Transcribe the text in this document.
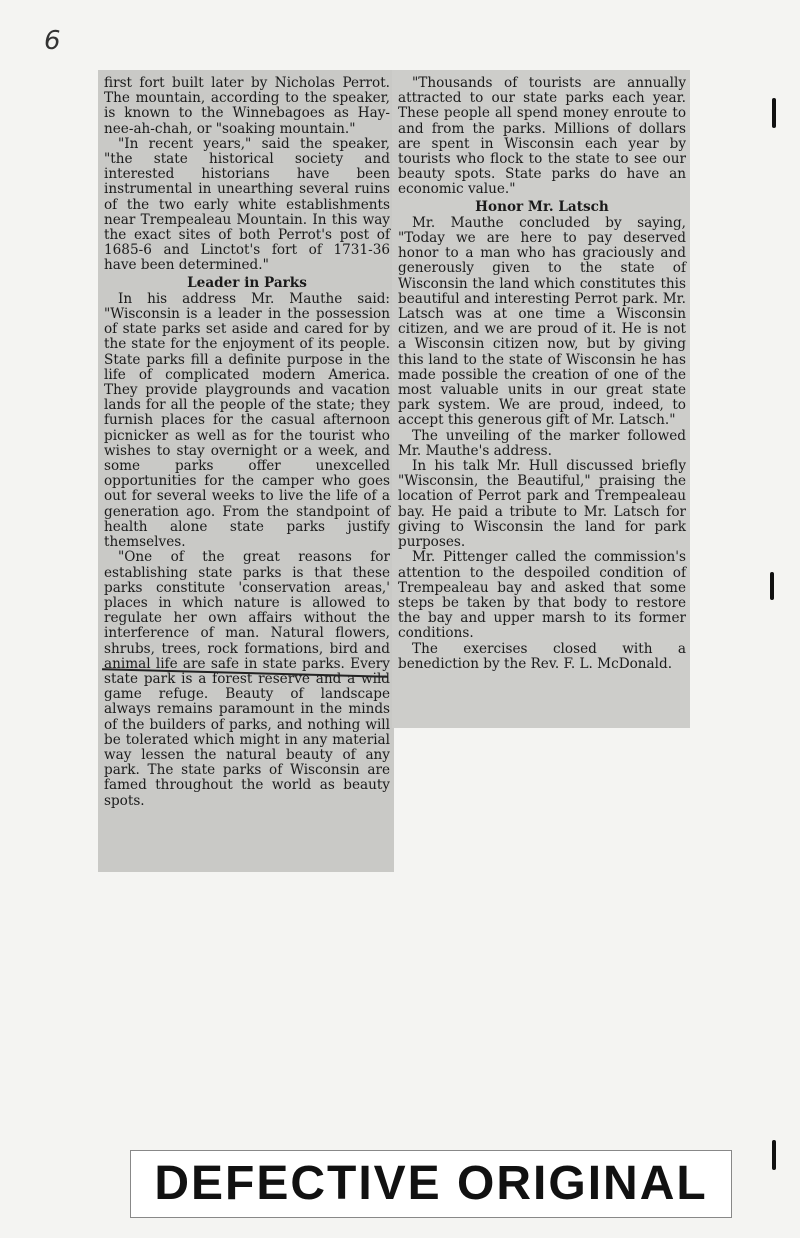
6

first fort built later by Nicholas Perrot. The mountain, according to the speaker, is known to the Winnebagoes as Hay-nee-ah-chah, or "soaking mountain."

"In recent years," said the speaker, "the state historical society and interested historians have been instrumental in unearthing several ruins of the two early white establishments near Trempealeau Mountain. In this way the exact sites of both Perrot's post of 1685-6 and Linctot's fort of 1731-36 have been determined."

Leader in Parks

In his address Mr. Mauthe said: "Wisconsin is a leader in the possession of state parks set aside and cared for by the state for the enjoyment of its people. State parks fill a definite purpose in the life of complicated modern America. They provide playgrounds and vacation lands for all the people of the state; they furnish places for the casual afternoon picnicker as well as for the tourist who wishes to stay overnight or a week, and some parks offer unexcelled opportunities for the camper who goes out for several weeks to live the life of a generation ago. From the standpoint of health alone state parks justify themselves.

"One of the great reasons for establishing state parks is that these parks constitute 'conservation areas,' places in which nature is allowed to regulate her own affairs without the interference of man. Natural flowers, shrubs, trees, rock formations, bird and animal life are safe in state parks. Every state park is a forest reserve and a wild game refuge. Beauty of landscape always remains paramount in the minds of the builders of parks, and nothing will be tolerated which might in any material way lessen the natural beauty of any park. The state parks of Wisconsin are famed throughout the world as beauty spots.

"Thousands of tourists are annually attracted to our state parks each year. These people all spend money enroute to and from the parks. Millions of dollars are spent in Wisconsin each year by tourists who flock to the state to see our beauty spots. State parks do have an economic value."

Honor Mr. Latsch

Mr. Mauthe concluded by saying, "Today we are here to pay deserved honor to a man who has graciously and generously given to the state of Wisconsin the land which constitutes this beautiful and interesting Perrot park. Mr. Latsch was at one time a Wisconsin citizen, and we are proud of it. He is not a Wisconsin citizen now, but by giving this land to the state of Wisconsin he has made possible the creation of one of the most valuable units in our great state park system. We are proud, indeed, to accept this generous gift of Mr. Latsch."

The unveiling of the marker followed Mr. Mauthe's address.

In his talk Mr. Hull discussed briefly "Wisconsin, the Beautiful," praising the location of Perrot park and Trempealeau bay. He paid a tribute to Mr. Latsch for giving to Wisconsin the land for park purposes.

Mr. Pittenger called the commission's attention to the despoiled condition of Trempealeau bay and asked that some steps be taken by that body to restore the bay and upper marsh to its former conditions.

The exercises closed with a benediction by the Rev. F. L. McDonald.

DEFECTIVE ORIGINAL
